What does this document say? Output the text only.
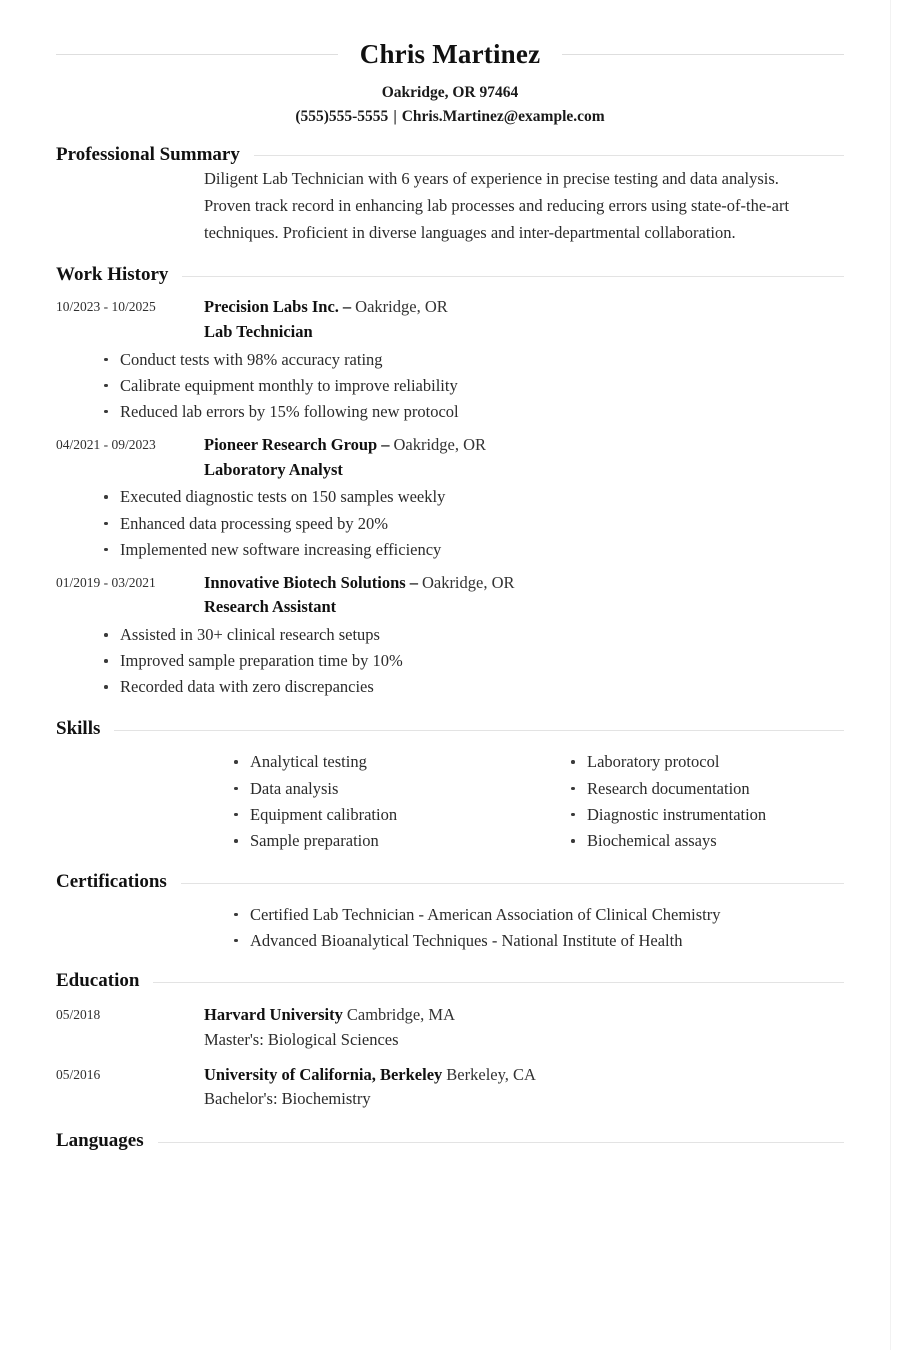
Chris Martinez
Oakridge, OR 97464
(555)555-5555 | Chris.Martinez@example.com
Professional Summary
Diligent Lab Technician with 6 years of experience in precise testing and data analysis. Proven track record in enhancing lab processes and reducing errors using state-of-the-art techniques. Proficient in diverse languages and inter-departmental collaboration.
Work History
10/2023 - 10/2025	Precision Labs Inc. – Oakridge, OR
Lab Technician
Conduct tests with 98% accuracy rating
Calibrate equipment monthly to improve reliability
Reduced lab errors by 15% following new protocol
04/2021 - 09/2023	Pioneer Research Group – Oakridge, OR
Laboratory Analyst
Executed diagnostic tests on 150 samples weekly
Enhanced data processing speed by 20%
Implemented new software increasing efficiency
01/2019 - 03/2021	Innovative Biotech Solutions – Oakridge, OR
Research Assistant
Assisted in 30+ clinical research setups
Improved sample preparation time by 10%
Recorded data with zero discrepancies
Skills
Analytical testing
Data analysis
Equipment calibration
Sample preparation
Laboratory protocol
Research documentation
Diagnostic instrumentation
Biochemical assays
Certifications
Certified Lab Technician - American Association of Clinical Chemistry
Advanced Bioanalytical Techniques - National Institute of Health
Education
05/2018	Harvard University Cambridge, MA
Master's: Biological Sciences
05/2016	University of California, Berkeley Berkeley, CA
Bachelor's: Biochemistry
Languages
